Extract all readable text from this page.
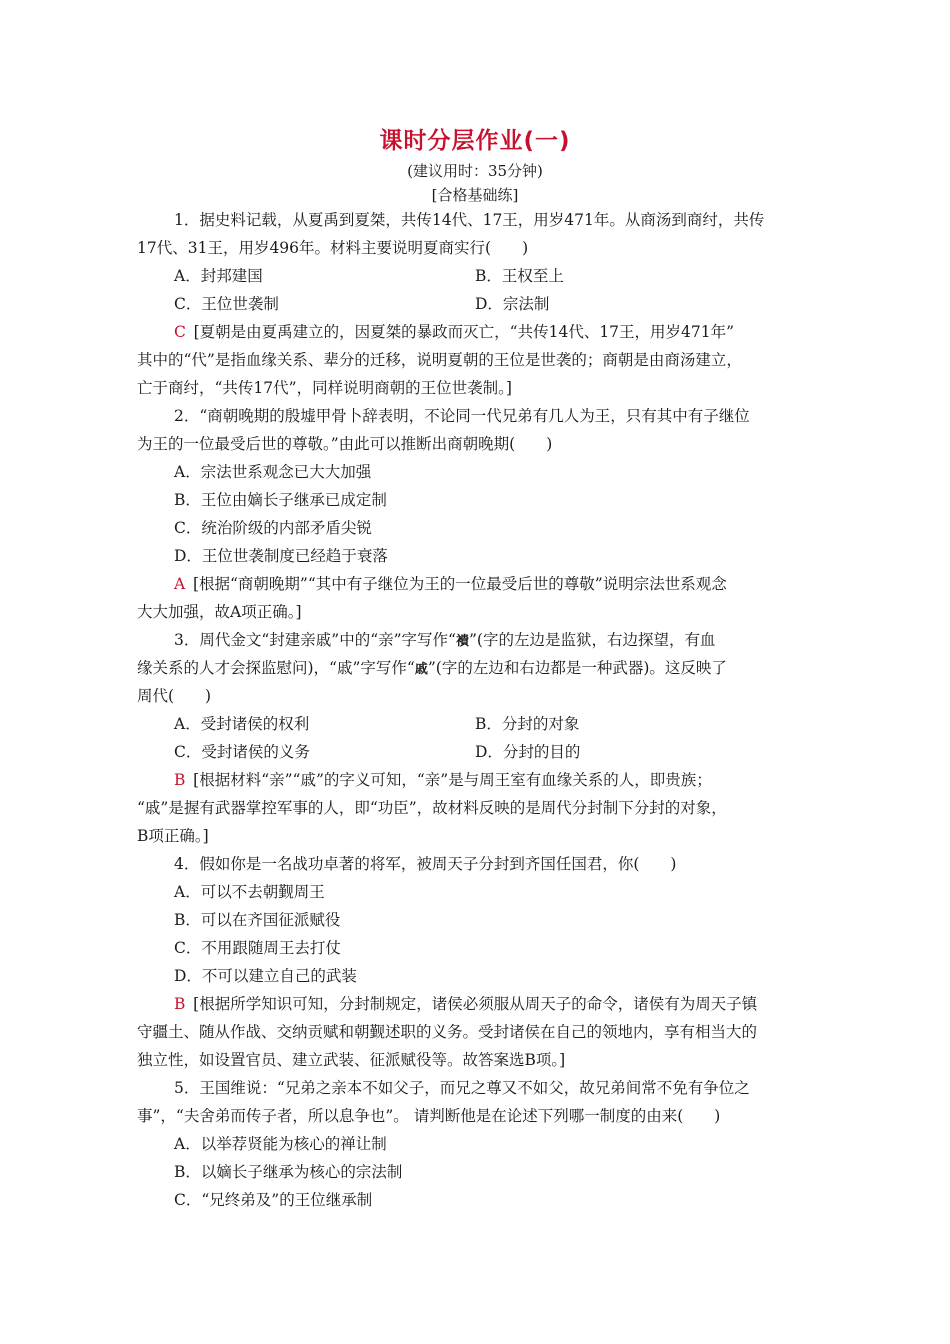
课时分层作业(一)
(建议用时：35分钟)
[合格基础练]
1．据史料记载，从夏禹到夏桀，共传14代、17王，用岁471年。从商汤到商纣，共传
17代、31王，用岁496年。材料主要说明夏商实行(　　)
A．封邦建国	B．王权至上
C．王位世袭制	D．宗法制
C  [夏朝是由夏禹建立的，因夏桀的暴政而灭亡，“共传14代、17王，用岁471年”
其中的“代”是指血缘关系、辈分的迁移，说明夏朝的王位是世袭的；商朝是由商汤建立，
亡于商纣，“共传17代”，同样说明商朝的王位世袭制。]
2．“商朝晚期的殷墟甲骨卜辞表明，不论同一代兄弟有几人为王，只有其中有子继位
为王的一位最受后世的尊敬。”由此可以推断出商朝晚期(　　)
A．宗法世系观念已大大加强
B．王位由嫡长子继承已成定制
C．统治阶级的内部矛盾尖锐
D．王位世袭制度已经趋于衰落
A  [根据“商朝晚期”“其中有子继位为王的一位最受后世的尊敬”说明宗法世系观念
大大加强，故A项正确。]
3．周代金文“封建亲戚”中的“亲”字写作“䙡”(字的左边是监狱，右边探望，有血
缘关系的人才会探监慰问)，“戚”字写作“戚”(字的左边和右边都是一种武器)。这反映了
周代(　　)
A．受封诸侯的权利	B．分封的对象
C．受封诸侯的义务	D．分封的目的
B  [根据材料“亲”“戚”的字义可知，“亲”是与周王室有血缘关系的人，即贵族；
“戚”是握有武器掌控军事的人，即“功臣”，故材料反映的是周代分封制下分封的对象，
B项正确。]
4．假如你是一名战功卓著的将军，被周天子分封到齐国任国君，你(　　)
A．可以不去朝觐周王
B．可以在齐国征派赋役
C．不用跟随周王去打仗
D．不可以建立自己的武装
B  [根据所学知识可知，分封制规定，诸侯必须服从周天子的命令，诸侯有为周天子镇
守疆土、随从作战、交纳贡赋和朝觐述职的义务。受封诸侯在自己的领地内，享有相当大的
独立性，如设置官员、建立武装、征派赋役等。故答案选B项。]
5．王国维说：“兄弟之亲本不如父子，而兄之尊又不如父，故兄弟间常不免有争位之
事”，“夫舍弟而传子者，所以息争也”。 请判断他是在论述下列哪一制度的由来(　　)
A．以举荐贤能为核心的禅让制
B．以嫡长子继承为核心的宗法制
C．“兄终弟及”的王位继承制
